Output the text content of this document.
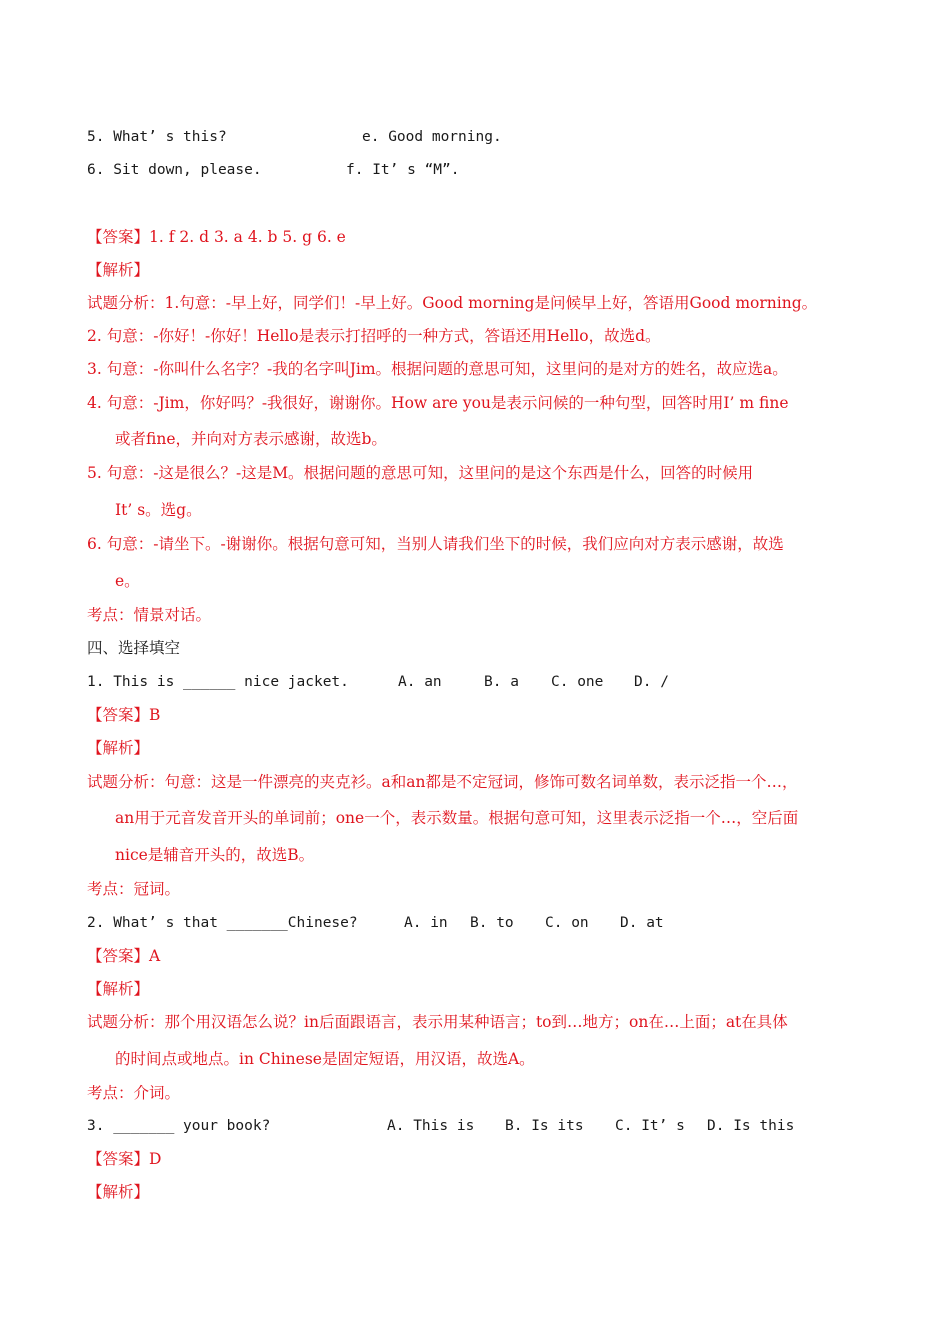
5. What’ s this?	e. Good morning.
6. Sit down, please.	f. It’ s “M”.
【答案】1. f 2. d 3. a 4. b 5. g 6. e
【解析】
试题分析：1.句意：-早上好，同学们！-早上好。Good morning是问候早上好，答语用Good morning。
2. 句意：-你好！-你好！Hello是表示打招呼的一种方式，答语还用Hello，故选d。
3. 句意：-你叫什么名字？-我的名字叫Jim。根据问题的意思可知，这里问的是对方的姓名，故应选a。
4. 句意：-Jim，你好吗？-我很好，谢谢你。How are you是表示问候的一种句型，回答时用I’ m fine
或者fine，并向对方表示感谢，故选b。
5. 句意：-这是很么？-这是M。根据问题的意思可知，这里问的是这个东西是什么，回答的时候用
It’ s。选g。
6. 句意：-请坐下。-谢谢你。根据句意可知，当别人请我们坐下的时候，我们应向对方表示感谢，故选
e。
考点：情景对话。
四、选择填空
1. This is ______ nice jacket.	A. an	B. a C. one D. /
【答案】B
【解析】
试题分析：句意：这是一件漂亮的夹克衫。a和an都是不定冠词，修饰可数名词单数，表示泛指一个…，
an用于元音发音开头的单词前；one一个，表示数量。根据句意可知，这里表示泛指一个…，空后面
nice是辅音开头的，故选B。
考点：冠词。
2. What’ s that _______Chinese?	A. in B. to C. on D. at
【答案】A
【解析】
试题分析：那个用汉语怎么说？in后面跟语言，表示用某种语言；to到…地方；on在…上面；at在具体
的时间点或地点。in Chinese是固定短语，用汉语，故选A。
考点：介词。
3. _______ your book?	A. This is B. Is its C. It’ s D. Is this
【答案】D
【解析】
